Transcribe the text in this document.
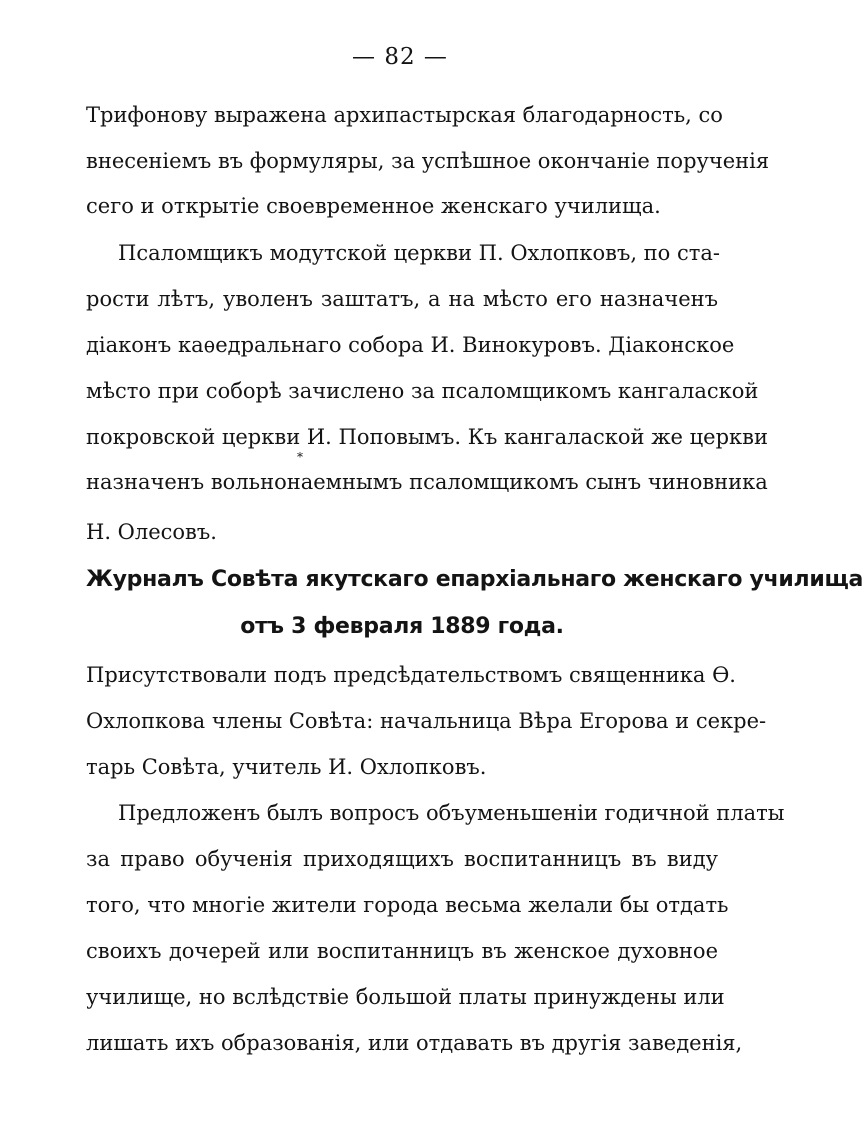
— 82 —
Трифонову выражена архипастырская благодарность, со
внесеніемъ въ формуляры, за успѣшное окончаніе порученія
сего и открытіе своевременное женскаго училища.
Псаломщикъ модутской церкви П. Охлопковъ, по ста-
рости лѣтъ, уволенъ заштатъ, а на мѣсто его назначенъ
діаконъ каѳедральнаго собора И. Винокуровъ. Діаконское
мѣсто при соборѣ зачислено за псаломщикомъ кангалаской
покровской церкви И. Поповымъ. Къ кангалаской же церкви
*
назначенъ вольнонаемнымъ псаломщикомъ сынъ чиновника
Н. Олесовъ.
Журналъ Совѣта якутскаго епархіальнаго женскаго училища
отъ 3 февраля 1889 года.
Присутствовали подъ предсѣдательствомъ священника Ѳ.
Охлопкова члены Совѣта: начальница Вѣра Егорова и секре-
тарь Совѣта, учитель И. Охлопковъ.
Предложенъ былъ вопросъ объуменьшеніи годичной платы
за право обученія приходящихъ воспитанницъ въ виду
того, что многіе жители города весьма желали бы отдать
своихъ дочерей или воспитанницъ въ женское духовное
училище, но вслѣдствіе большой платы принуждены или
лишать ихъ образованія, или отдавать въ другія заведенія,
